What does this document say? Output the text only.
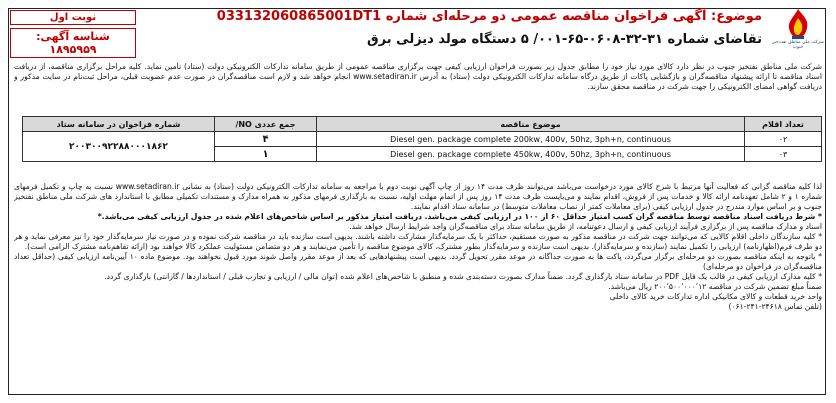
شرکت ملی مناطق نفت‌خیز جنوب
موضوع: آگهی فراخوان مناقصه عمومی دو مرحله‌ای شماره 033132060865001DT1
تقاضای شماره ۳۱-۳۲-۰۶۰۸-۶۵-۰۰۱/ ۵ دستگاه مولد دیزلی برق
نوبت اول
شناسه آگهی: ۱۸۹۵۹۵۹
شرکت ملی مناطق نفتخیز جنوب در نظر دارد کالای مورد نیاز خود را مطابق جدول زیر بصورت فراخوان ارزیابی کیفی جهت برگزاری مناقصه عمومی از طریق سامانه تدارکات الکترونیکی دولت (ستاد) تأمین نماید. کلیه مراحل برگزاری مناقصه، از دریافت اسناد مناقصه تا ارائه پیشنهاد مناقصه‌گران و بازگشایی پاکات از طریق درگاه سامانه تدارکات الکترونیکی دولت (ستاد) به آدرس www.setadiran.ir انجام خواهد شد و لازم است مناقصه‌گران در صورت عدم عضویت قبلی، مراحل ثبت‌نام در سایت مذکور و دریافت گواهی امضای الکترونیکی را جهت شرکت در مناقصه محقق سازند.
تعداد اقلام	موضوع مناقصه	جمع عددی NO/	شماره فراخوان در سامانه ستاد
۰۲	Diesel gen. package complete 200kw, 400v, 50hz, 3ph+n, continuous	۴	۲۰۰۳۰۰۹۲۲۸۸۰۰۰۱۸۶۲
۰۳	Diesel gen. package complete 450kw, 400v, 50hz, 3ph+n, continuous	۱	

لذا کلیه مناقصه گرانی که فعالیت آنها مرتبط با شرح کالای مورد درخواست می‌باشد می‌توانند ظرف مدت ۱۴ روز از چاپ آگهی نوبت دوم با مراجعه به سامانه تدارکات الکترونیکی دولت (ستاد) به نشانی www.setadiran.ir نسبت به چاپ و تکمیل فرمهای شماره ۱ و ۲ شامل تعهدنامه ارائه کالا و خدمات پس از فروش، اقدام نمایند و می‌بایست ظرف مدت ۱۴ روز پس از اتمام مهلت اولیه، نسبت به بارگذاری فرمهای مذکور به همراه مدارک و مستندات تکمیلی مطابق با استاندارد های شرکت ملی مناطق نفتخیز جنوب و بر اساس موارد مندرج در جدول ارزیابی کیفی (برای معاملات کمتر از نصاب معاملات متوسط) در سامانه ستاد اقدام نمایند.

* شرط دریافت اسناد مناقصه توسط مناقصه گران کسب امتیاز حداقل ۶۰ از ۱۰۰ در ارزیابی کیفی می‌باشد. دریافت امتیاز مذکور بر اساس شاخص‌های اعلام شده در جدول ارزیابی کیفی می‌باشد.*

اسناد و مدارک مناقصه پس از برگزاری فرآیند ارزیابی کیفی و ارسال دعوتنامه، از طریق سامانه ستاد برای مناقصه‌گران واجد شرایط ارسال خواهد شد.

* کلیه سازندگان داخلی اقلام کالایی که می‌توانند جهت شرکت در مناقصه مذکور به صورت مستقیم، حداکثر با یک سرمایه‌گذار مشارکت داشته باشند. بدیهی است سازنده باید در مناقصه شرکت نموده و در صورت نیاز سرمایه‌گذار خود را نیز معرفی نماید و هر دو طرف فرم(اظهارنامه) ارزیابی را تکمیل نمایند (سازنده و سرمایه‌گذار). بدیهی است سازنده و سرمایه‌گذار بطور مشترک، کالای موضوع مناقصه را تأمین می‌نمایند و هر دو متضامن مسئولیت عملکرد کالا خواهند بود (ارائه تفاهم‌نامه مشترک الزامی است).

* باتوجه به اینکه مناقصه بصورت دو مرحله‌ای برگزار می‌گردد، پاکت ها به صورت جداگانه در موعد مقرر تحویل گردد. بدیهی است پیشنهادهایی که بعد از موعد مقرر واصل شوند مورد قبول نخواهند بود. موضوع ماده ۱۰ آیین‌نامه ارزیابی کیفی (حداقل تعداد مناقصه‌گران در فراخوان دو مرحله‌ای)

* کلیه مدارک ارزیابی کیفی در قالب یک فایل PDF در سامانه ستاد بارگذاری گردد. ضمناً مدارک بصورت دسته‌بندی شده و منطبق با شاخص‌های اعلام شده (توان مالی / ارزیابی و تجارب قبلی / استانداردها / گارانتی) بارگذاری گردد.

ضمناً مبلغ تضمین شرکت در مناقصه ۲۰۰٬۵۰۰٬۰۰۰٬۱۲ ریال می‌باشد.

واحد خرید قطعات و کالای مکانیکی اداره تدارکات خرید کالای داخلی

(تلفن تماس ۲۴۶۱۸-۲۴۱-۰۶۱)
